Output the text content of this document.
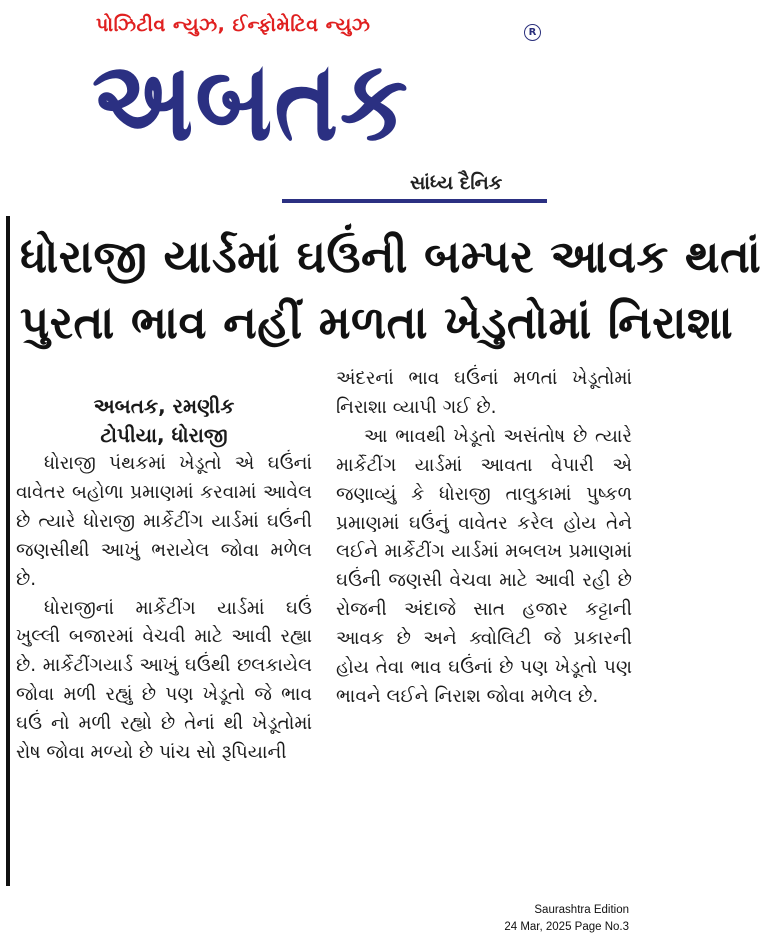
પોઝિટીવ ન્યુઝ, ઈન્ફોમેટિવ ન્યુઝ	R
અબતક
સાંધ્ય દૈનિક
ધોરાજી યાર્ડમાં ઘઉંની બમ્પર આવક થતાં
પુરતા ભાવ નહીં મળતા ખેડુતોમાં નિરાશા
અબતક, રમણીક
ટોપીયા, ધોરાજી

ધોરાજી પંથકમાં ખેડૂતો એ ઘઉંનાં વાવેતર બહોળા પ્રમાણમાં કરવામાં આવેલ છે ત્યારે ધોરાજી માર્કેટીંગ યાર્ડમાં ઘઉંની જણસીથી આખું ભરાયેલ જોવા મળેલ છે.

ધોરાજીનાં માર્કેટીંગ યાર્ડમાં ઘઉં ખુલ્લી બજારમાં વેચવી માટે આવી રહ્યા છે. માર્કેટીંગયાર્ડ આખું ઘઉંથી છલકાયેલ જોવા મળી રહ્યું છે પણ ખેડૂતો જે ભાવ ઘઉં નો મળી રહ્યો છે તેનાં થી ખેડૂતોમાં રોષ જોવા મળ્યો છે પાંચ સો રૂપિયાની

અંદરનાં ભાવ ઘઉંનાં મળતાં ખેડૂતોમાં નિરાશા વ્યાપી ગઈ છે.

આ ભાવથી ખેડૂતો અસંતોષ છે ત્યારે માર્કેટીંગ યાર્ડમાં આવતા વેપારી એ જણાવ્યું કે ધોરાજી તાલુકામાં પુષ્કળ પ્રમાણમાં ઘઉંનું વાવેતર કરેલ હોય તેને લઈને માર્કેટીંગ યાર્ડમાં મબલખ પ્રમાણમાં ઘઉંની જણસી વેચવા માટે આવી રહી છે રોજની અંદાજે સાત હજાર કટ્ટાની આવક છે અને ક્વોલિટી જે પ્રકારની હોય તેવા ભાવ ઘઉંનાં છે પણ ખેડૂતો પણ ભાવને લઈને નિરાશ જોવા મળેલ છે.

Saurashtra Edition
24 Mar, 2025 Page No.3
